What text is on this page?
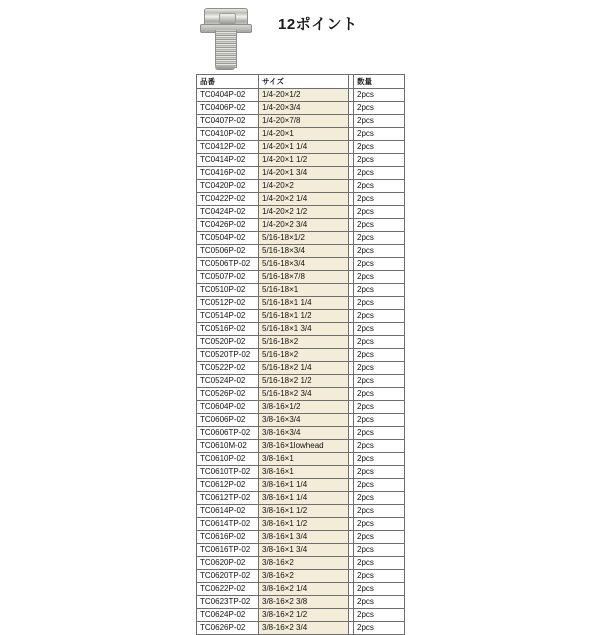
12ポイント
品番	サイズ		数量
TC0404P-02	1/4-20×1/2		2pcs
TC0406P-02	1/4-20×3/4		2pcs
TC0407P-02	1/4-20×7/8		2pcs
TC0410P-02	1/4-20×1		2pcs
TC0412P-02	1/4-20×1 1/4		2pcs
TC0414P-02	1/4-20×1 1/2		2pcs
TC0416P-02	1/4-20×1 3/4		2pcs
TC0420P-02	1/4-20×2		2pcs
TC0422P-02	1/4-20×2 1/4		2pcs
TC0424P-02	1/4-20×2 1/2		2pcs
TC0426P-02	1/4-20×2 3/4		2pcs
TC0504P-02	5/16-18×1/2		2pcs
TC0506P-02	5/16-18×3/4		2pcs
TC0506TP-02	5/16-18×3/4		2pcs
TC0507P-02	5/16-18×7/8		2pcs
TC0510P-02	5/16-18×1		2pcs
TC0512P-02	5/16-18×1 1/4		2pcs
TC0514P-02	5/16-18×1 1/2		2pcs
TC0516P-02	5/16-18×1 3/4		2pcs
TC0520P-02	5/16-18×2		2pcs
TC0520TP-02	5/16-18×2		2pcs
TC0522P-02	5/16-18×2 1/4		2pcs
TC0524P-02	5/16-18×2 1/2		2pcs
TC0526P-02	5/16-18×2 3/4		2pcs
TC0604P-02	3/8-16×1/2		2pcs
TC0606P-02	3/8-16×3/4		2pcs
TC0606TP-02	3/8-16×3/4		2pcs
TC0610M-02	3/8-16×1lowhead		2pcs
TC0610P-02	3/8-16×1		2pcs
TC0610TP-02	3/8-16×1		2pcs
TC0612P-02	3/8-16×1 1/4		2pcs
TC0612TP-02	3/8-16×1 1/4		2pcs
TC0614P-02	3/8-16×1 1/2		2pcs
TC0614TP-02	3/8-16×1 1/2		2pcs
TC0616P-02	3/8-16×1 3/4		2pcs
TC0616TP-02	3/8-16×1 3/4		2pcs
TC0620P-02	3/8-16×2		2pcs
TC0620TP-02	3/8-16×2		2pcs
TC0622P-02	3/8-16×2 1/4		2pcs
TC0623TP-02	3/8-16×2 3/8		2pcs
TC0624P-02	3/8-16×2 1/2		2pcs
TC0626P-02	3/8-16×2 3/4		2pcs
